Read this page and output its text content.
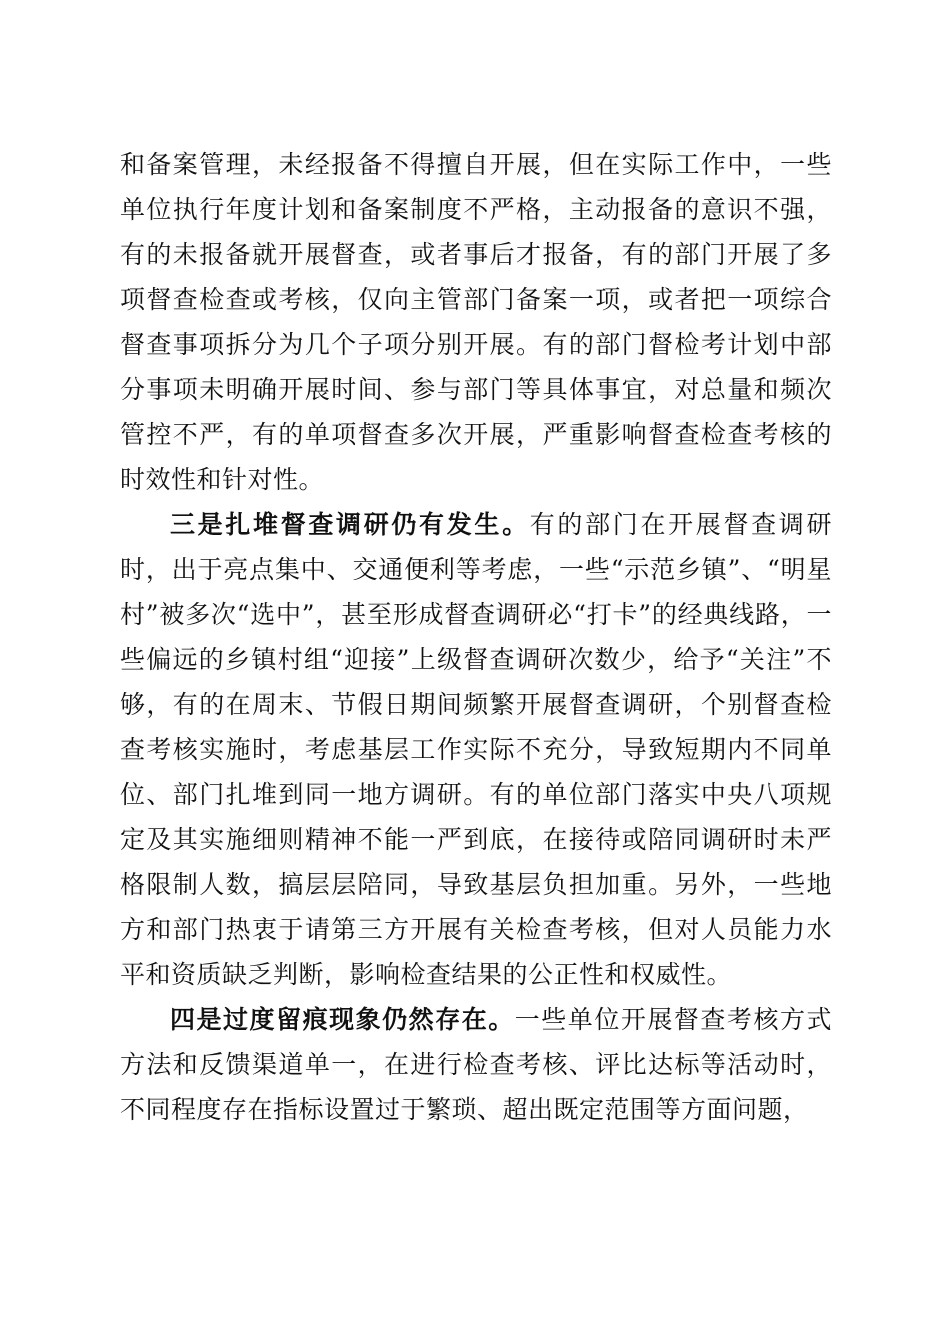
和备案管理，未经报备不得擅自开展，但在实际工作中，一些单位执行年度计划和备案制度不严格，主动报备的意识不强，有的未报备就开展督查，或者事后才报备，有的部门开展了多项督查检查或考核，仅向主管部门备案一项，或者把一项综合督查事项拆分为几个子项分别开展。有的部门督检考计划中部分事项未明确开展时间、参与部门等具体事宜，对总量和频次管控不严，有的单项督查多次开展，严重影响督查检查考核的时效性和针对性。

三是扎堆督查调研仍有发生。有的部门在开展督查调研时，出于亮点集中、交通便利等考虑，一些“示范乡镇”、“明星村”被多次“选中”，甚至形成督查调研必“打卡”的经典线路，一些偏远的乡镇村组“迎接”上级督查调研次数少，给予“关注”不够，有的在周末、节假日期间频繁开展督查调研，个别督查检查考核实施时，考虑基层工作实际不充分，导致短期内不同单位、部门扎堆到同一地方调研。有的单位部门落实中央八项规定及其实施细则精神不能一严到底，在接待或陪同调研时未严格限制人数，搞层层陪同，导致基层负担加重。另外，一些地方和部门热衷于请第三方开展有关检查考核，但对人员能力水平和资质缺乏判断，影响检查结果的公正性和权威性。

四是过度留痕现象仍然存在。一些单位开展督查考核方式方法和反馈渠道单一，在进行检查考核、评比达标等活动时，不同程度存在指标设置过于繁琐、超出既定范围等方面问题，
